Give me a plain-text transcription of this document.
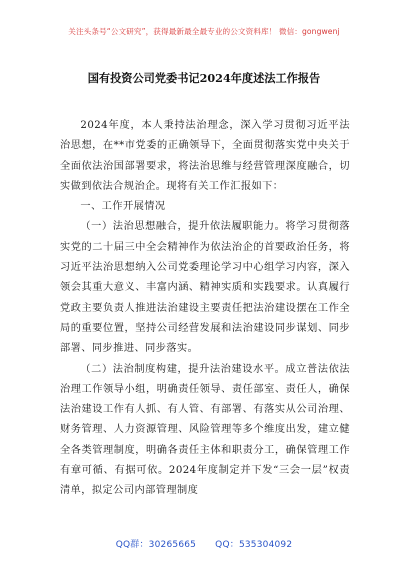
关注头条号“公文研究”，获得最新最全最专业的公文资料库！ 微信：gongwenj
国有投资公司党委书记2024年度述法工作报告

2024年度，本人秉持法治理念，深入学习贯彻习近平法治思想，在**市党委的正确领导下，全面贯彻落实党中央关于全面依法治国部署要求，将法治思维与经营管理深度融合，切实做到依法合规治企。现将有关工作汇报如下：

一、工作开展情况

（一）法治思想融合，提升依法履职能力。将学习贯彻落实党的二十届三中全会精神作为依法治企的首要政治任务，将习近平法治思想纳入公司党委理论学习中心组学习内容，深入领会其重大意义、丰富内涵、精神实质和实践要求。认真履行党政主要负责人推进法治建设主要责任把法治建设摆在工作全局的重要位置，坚持公司经营发展和法治建设同步谋划、同步部署、同步推进、同步落实。

（二）法治制度构建，提升法治建设水平。成立普法依法治理工作领导小组，明确责任领导、责任部室、责任人，确保法治建设工作有人抓、有人管、有部署、有落实从公司治理、财务管理、人力资源管理、风险管理等多个维度出发，建立健全各类管理制度，明确各责任主体和职责分工，确保管理工作有章可循、有据可依。2024年度制定并下发“三会一层”权责清单，拟定公司内部管理制度

QQ群：30265665 QQ：535304092
